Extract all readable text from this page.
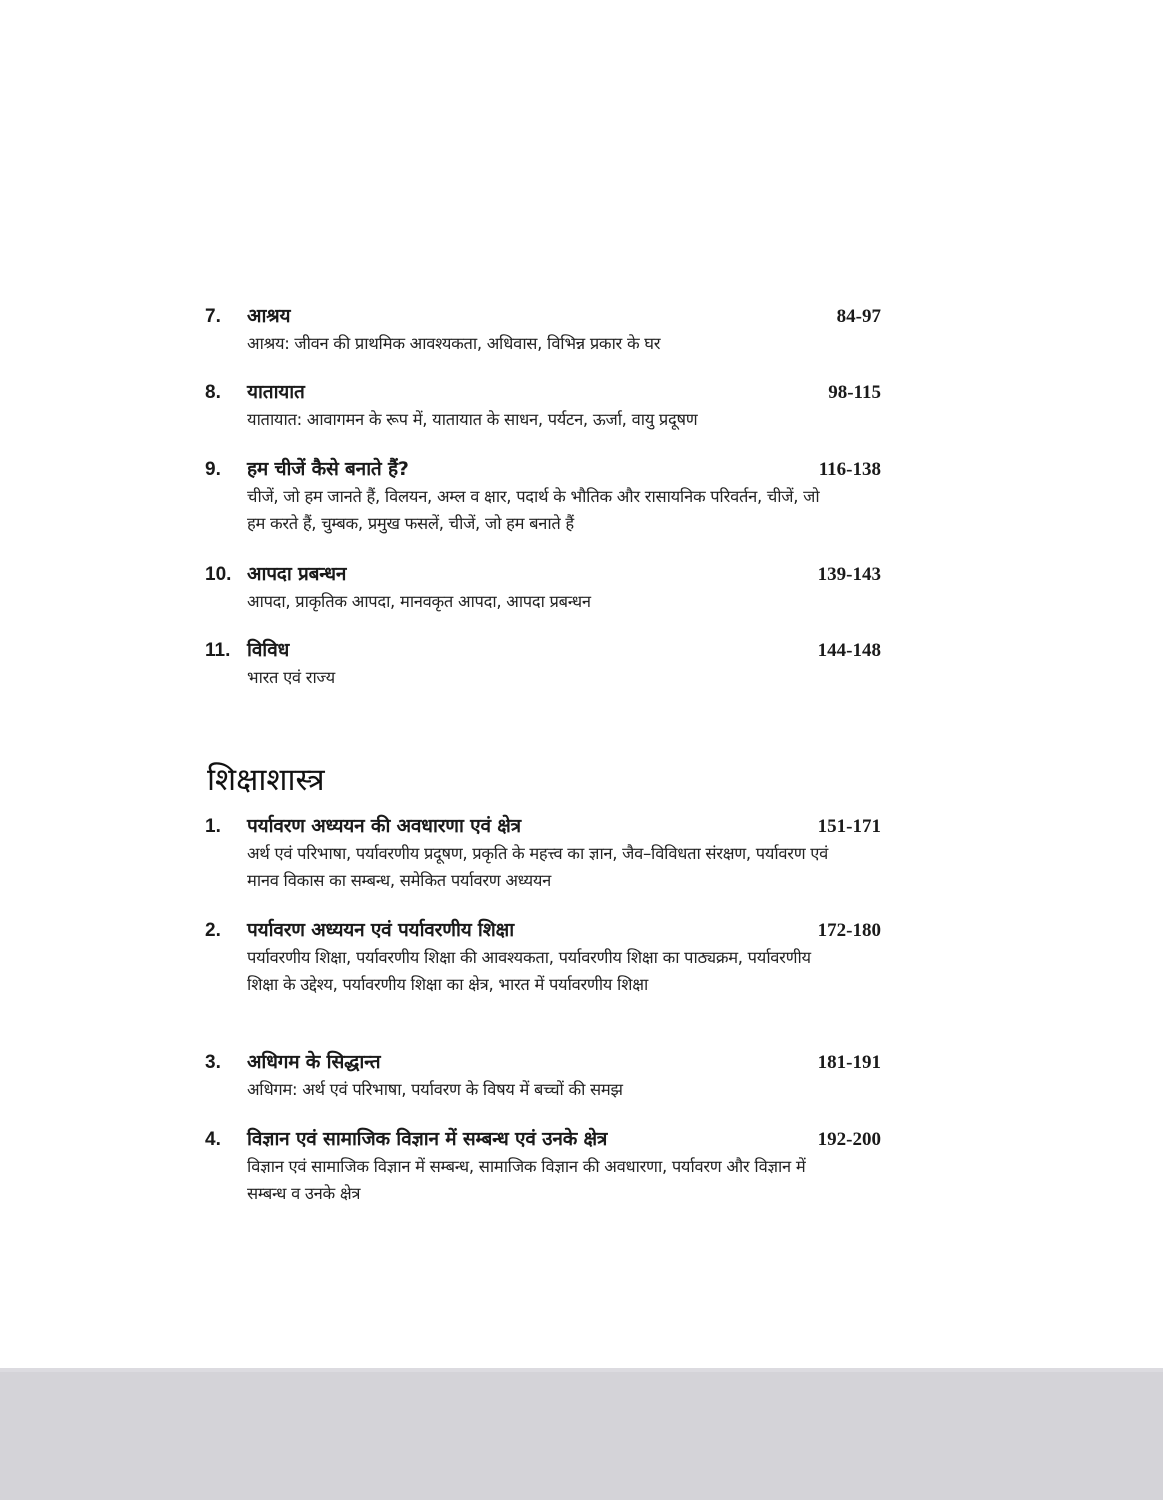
7.	आश्रय	84-97
आश्रय: जीवन की प्राथमिक आवश्यकता, अधिवास, विभिन्न प्रकार के घर
8.	यातायात	98-115
यातायात: आवागमन के रूप में, यातायात के साधन, पर्यटन, ऊर्जा, वायु प्रदूषण
9.	हम चीजें कैसे बनाते हैं?	116-138
चीजें, जो हम जानते हैं, विलयन, अम्ल व क्षार, पदार्थ के भौतिक और रासायनिक परिवर्तन, चीजें, जो हम करते हैं, चुम्बक, प्रमुख फसलें, चीजें, जो हम बनाते हैं
10. आपदा प्रबन्धन	139-143
आपदा, प्राकृतिक आपदा, मानवकृत आपदा, आपदा प्रबन्धन
11. विविध	144-148
भारत एवं राज्य
शिक्षाशास्त्र
1.	पर्यावरण अध्ययन की अवधारणा एवं क्षेत्र	151-171
अर्थ एवं परिभाषा, पर्यावरणीय प्रदूषण, प्रकृति के महत्त्व का ज्ञान, जैव–विविधता संरक्षण, पर्यावरण एवं मानव विकास का सम्बन्ध, समेकित पर्यावरण अध्ययन
2.	पर्यावरण अध्ययन एवं पर्यावरणीय शिक्षा	172-180
पर्यावरणीय शिक्षा, पर्यावरणीय शिक्षा की आवश्यकता, पर्यावरणीय शिक्षा का पाठ्यक्रम, पर्यावरणीय शिक्षा के उद्देश्य, पर्यावरणीय शिक्षा का क्षेत्र, भारत में पर्यावरणीय शिक्षा
3.	अधिगम के सिद्धान्त	181-191
अधिगम: अर्थ एवं परिभाषा, पर्यावरण के विषय में बच्चों की समझ
4.	विज्ञान एवं सामाजिक विज्ञान में सम्बन्ध एवं उनके क्षेत्र	192-200
विज्ञान एवं सामाजिक विज्ञान में सम्बन्ध, सामाजिक विज्ञान की अवधारणा, पर्यावरण और विज्ञान में सम्बन्ध व उनके क्षेत्र
